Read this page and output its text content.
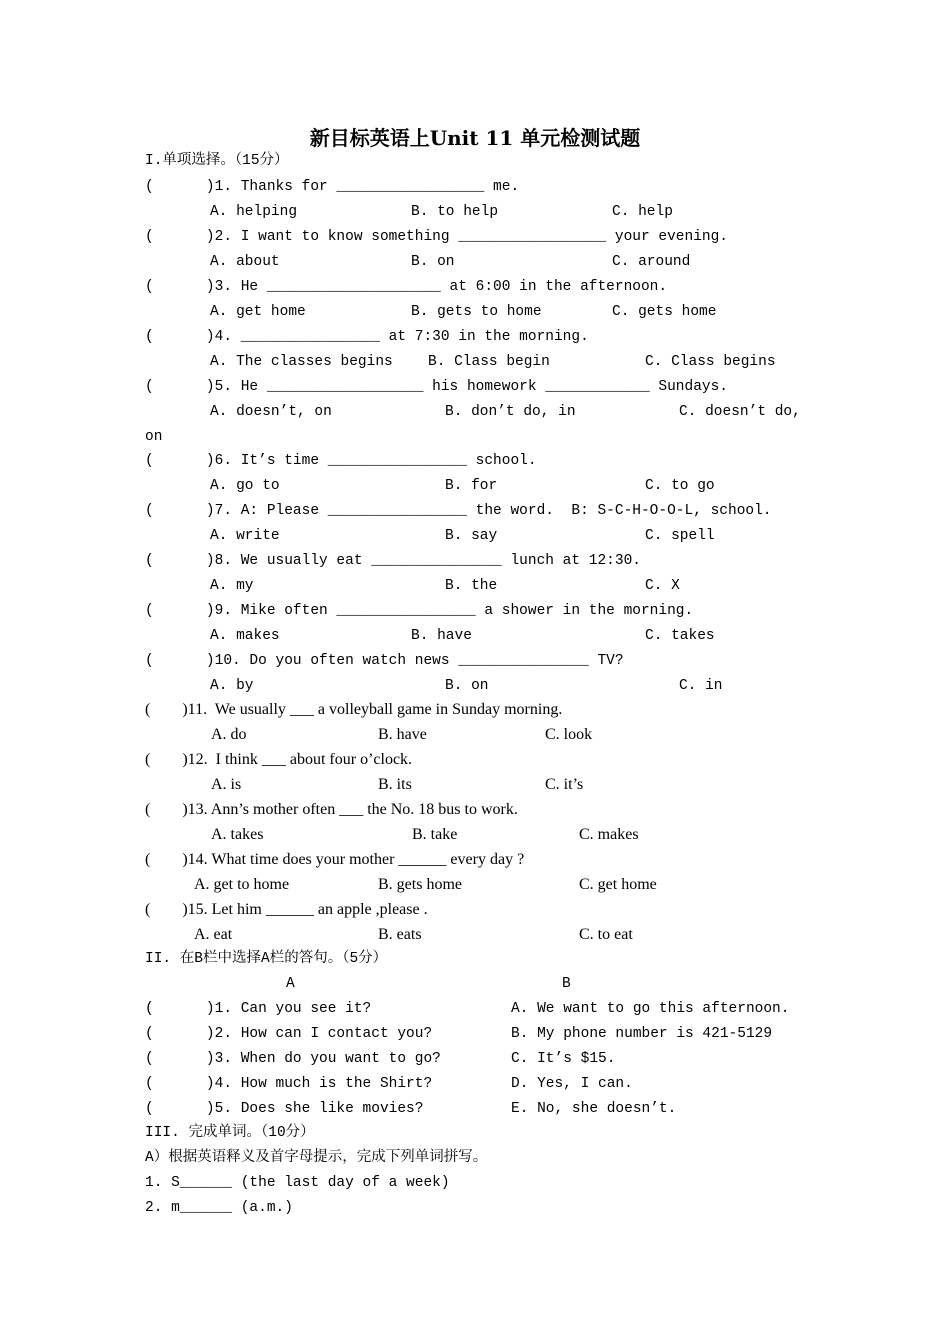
新目标英语上Unit 11 单元检测试题
I.单项选择。（15分）
(      )1. Thanks for _________________ me.
A. helping	B. to help	C. help
(      )2. I want to know something _________________ your evening.
A. about	B. on	C. around
(      )3. He ____________________ at 6:00 in the afternoon.
A. get home	B. gets to home	C. gets home
(      )4. ________________ at 7:30 in the morning.
A. The classes begins B. Class begin	C. Class begins
(      )5. He __________________ his homework ____________ Sundays.
A. doesn’t, on	B. don’t do, in	C. doesn’t do,
on
(      )6. It’s time ________________ school.
A. go to	B. for	C. to go
(      )7. A: Please ________________ the word.  B: S-C-H-O-O-L, school.
A. write	B. say	C. spell
(      )8. We usually eat _______________ lunch at 12:30.
A. my	B. the	C. X
(      )9. Mike often ________________ a shower in the morning.
A. makes	B. have	C. takes
(      )10. Do you often watch news _______________ TV?
A. by	B. on	C. in
(        )11.  We usually ___ a volleyball game in Sunday morning.
A. do	B. have	C. look
(        )12.  I think ___ about four o’clock.
A. is	B. its	C. it’s
(        )13. Ann’s mother often ___ the No. 18 bus to work.
A. takes	B. take	C. makes
(        )14. What time does your mother ______ every day ?
A. get to home	B. gets home	C. get home
(        )15. Let him ______ an apple ,please .
A. eat	B. eats	C. to eat
II. 在B栏中选择A栏的答句。（5分）
A	B
(      )1. Can you see it?	A. We want to go this afternoon.
(      )2. How can I contact you?	B. My phone number is 421-5129
(      )3. When do you want to go?	C. It’s $15.
(      )4. How much is the Shirt?	D. Yes, I can.
(      )5. Does she like movies?	E. No, she doesn’t.
III. 完成单词。（10分）
A）根据英语释义及首字母提示，完成下列单词拼写。
1. S______ (the last day of a week)
2. m______ (a.m.)
